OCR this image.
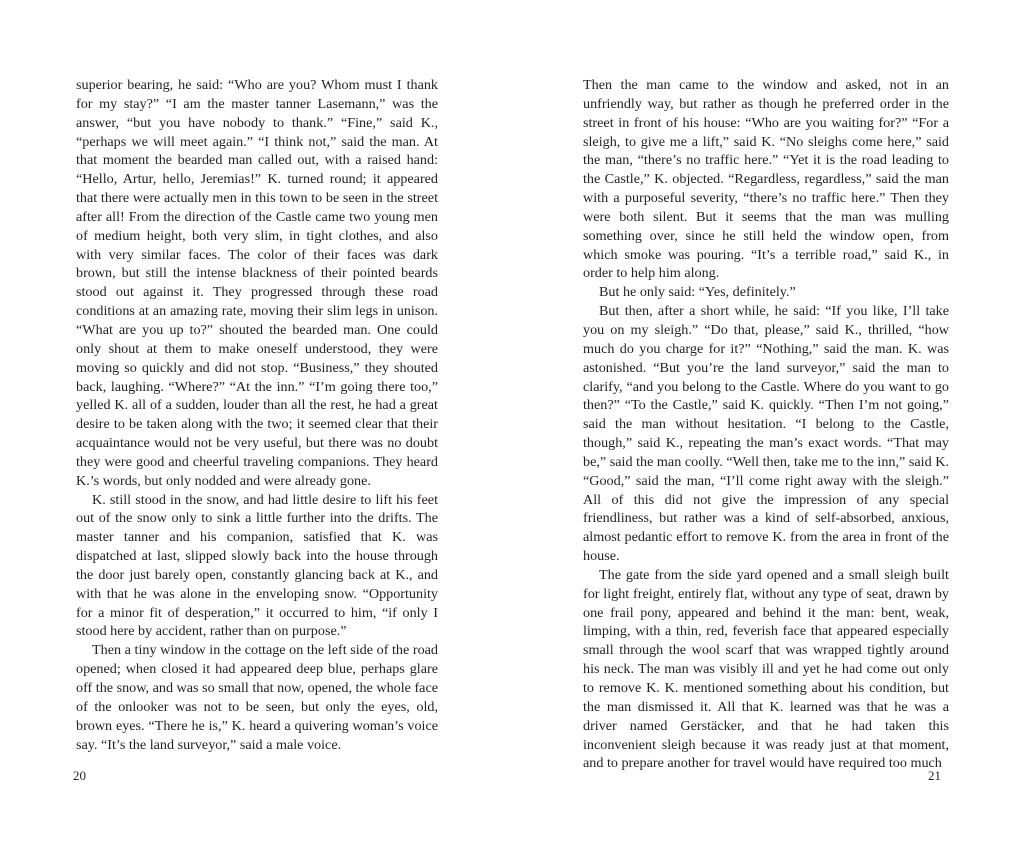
superior bearing, he said: “Who are you? Whom must I thank for my stay?” “I am the master tanner Lasemann,” was the answer, “but you have nobody to thank.” “Fine,” said K., “perhaps we will meet again.” “I think not,” said the man. At that moment the bearded man called out, with a raised hand: “Hello, Artur, hello, Jeremias!” K. turned round; it appeared that there were actually men in this town to be seen in the street after all! From the direction of the Castle came two young men of medium height, both very slim, in tight clothes, and also with very similar faces. The color of their faces was dark brown, but still the intense blackness of their pointed beards stood out against it. They progressed through these road conditions at an amazing rate, moving their slim legs in unison. “What are you up to?” shouted the bearded man. One could only shout at them to make oneself understood, they were moving so quickly and did not stop. “Business,” they shouted back, laughing. “Where?” “At the inn.” “I’m going there too,” yelled K. all of a sudden, louder than all the rest, he had a great desire to be taken along with the two; it seemed clear that their acquaintance would not be very useful, but there was no doubt they were good and cheerful traveling companions. They heard K.’s words, but only nodded and were already gone.

K. still stood in the snow, and had little desire to lift his feet out of the snow only to sink a little further into the drifts. The master tanner and his companion, satisfied that K. was dispatched at last, slipped slowly back into the house through the door just barely open, constantly glancing back at K., and with that he was alone in the enveloping snow. “Opportunity for a minor fit of desperation,” it occurred to him, “if only I stood here by accident, rather than on purpose.”

Then a tiny window in the cottage on the left side of the road opened; when closed it had appeared deep blue, perhaps glare off the snow, and was so small that now, opened, the whole face of the onlooker was not to be seen, but only the eyes, old, brown eyes. “There he is,” K. heard a quivering woman’s voice say. “It’s the land surveyor,” said a male voice.

20

Then the man came to the window and asked, not in an unfriendly way, but rather as though he preferred order in the street in front of his house: “Who are you waiting for?” “For a sleigh, to give me a lift,” said K. “No sleighs come here,” said the man, “there’s no traffic here.” “Yet it is the road leading to the Castle,” K. objected. “Regardless, regardless,” said the man with a purposeful severity, “there’s no traffic here.” Then they were both silent. But it seems that the man was mulling something over, since he still held the window open, from which smoke was pouring. “It’s a terrible road,” said K., in order to help him along.

But he only said: “Yes, definitely.”

But then, after a short while, he said: “If you like, I’ll take you on my sleigh.” “Do that, please,” said K., thrilled, “how much do you charge for it?” “Nothing,” said the man. K. was astonished. “But you’re the land surveyor,” said the man to clarify, “and you belong to the Castle. Where do you want to go then?” “To the Castle,” said K. quickly. “Then I’m not going,” said the man without hesitation. “I belong to the Castle, though,” said K., repeating the man’s exact words. “That may be,” said the man coolly. “Well then, take me to the inn,” said K. “Good,” said the man, “I’ll come right away with the sleigh.” All of this did not give the impression of any special friendliness, but rather was a kind of self-absorbed, anxious, almost pedantic effort to remove K. from the area in front of the house.

The gate from the side yard opened and a small sleigh built for light freight, entirely flat, without any type of seat, drawn by one frail pony, appeared and behind it the man: bent, weak, limping, with a thin, red, feverish face that appeared especially small through the wool scarf that was wrapped tightly around his neck. The man was visibly ill and yet he had come out only to remove K. K. mentioned something about his condition, but the man dismissed it. All that K. learned was that he was a driver named Gerstäcker, and that he had taken this inconvenient sleigh because it was ready just at that moment, and to prepare another for travel would have required too much

21
